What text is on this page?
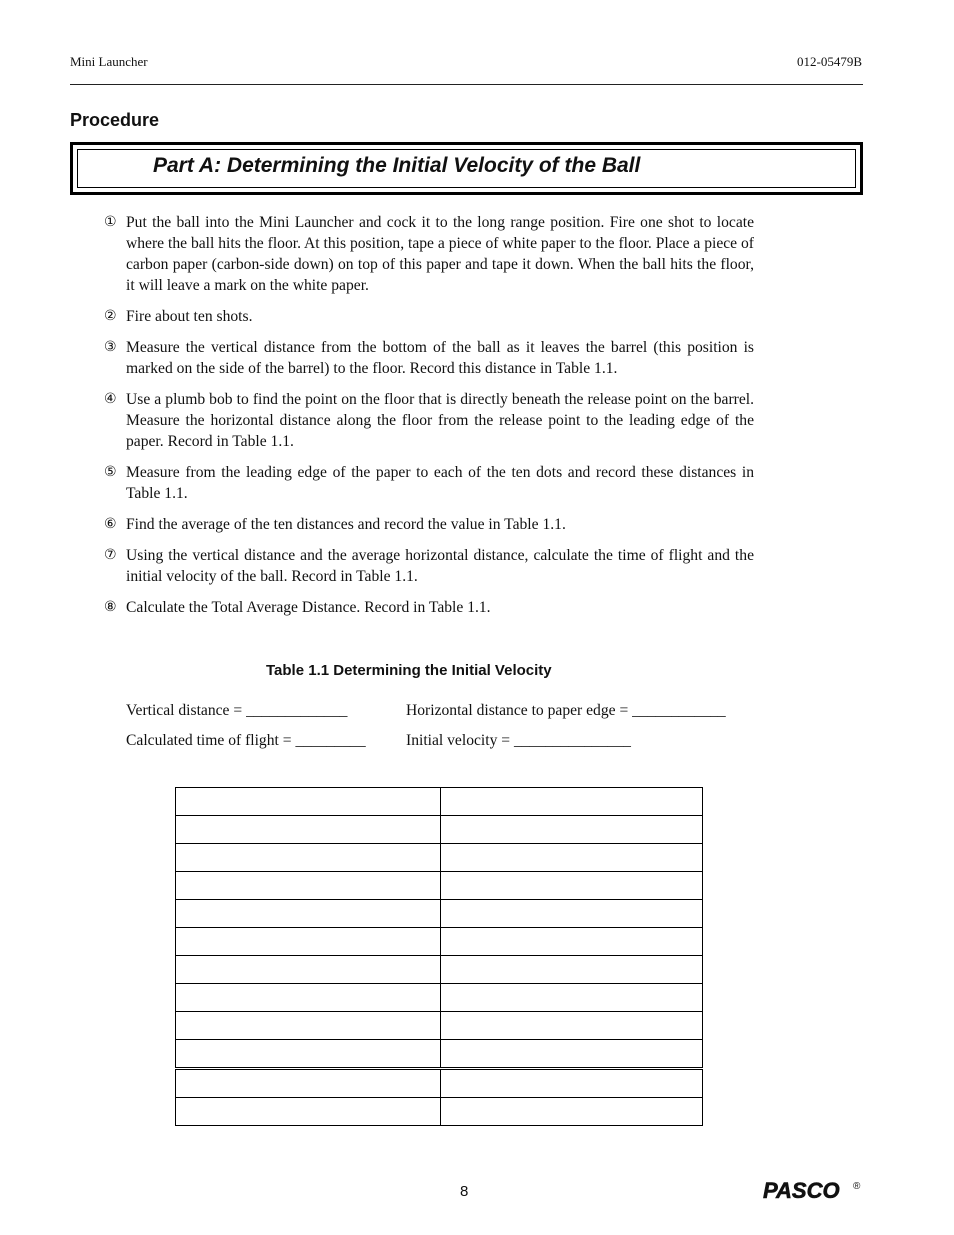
Mini Launcher	012-05479B
Procedure
Part A: Determining the Initial Velocity of the Ball
① Put the ball into the Mini Launcher and cock it to the long range position. Fire one shot to locate where the ball hits the floor. At this position, tape a piece of white paper to the floor. Place a piece of carbon paper (carbon-side down) on top of this paper and tape it down. When the ball hits the floor, it will leave a mark on the white paper.
② Fire about ten shots.
③ Measure the vertical distance from the bottom of the ball as it leaves the barrel (this position is marked on the side of the barrel) to the floor. Record this distance in Table 1.1.
④ Use a plumb bob to find the point on the floor that is directly beneath the release point on the barrel. Measure the horizontal distance along the floor from the release point to the leading edge of the paper. Record in Table 1.1.
⑤ Measure from the leading edge of the paper to each of the ten dots and record these distances in Table 1.1.
⑥ Find the average of the ten distances and record the value in Table 1.1.
⑦ Using the vertical distance and the average horizontal distance, calculate the time of flight and the initial velocity of the ball. Record in Table 1.1.
⑧ Calculate the Total Average Distance. Record in Table 1.1.
Table 1.1 Determining the Initial Velocity
Vertical distance = _____________	Horizontal distance to paper edge = ____________
Calculated time of flight = _________	Initial velocity = _______________

8	PASCO ®
